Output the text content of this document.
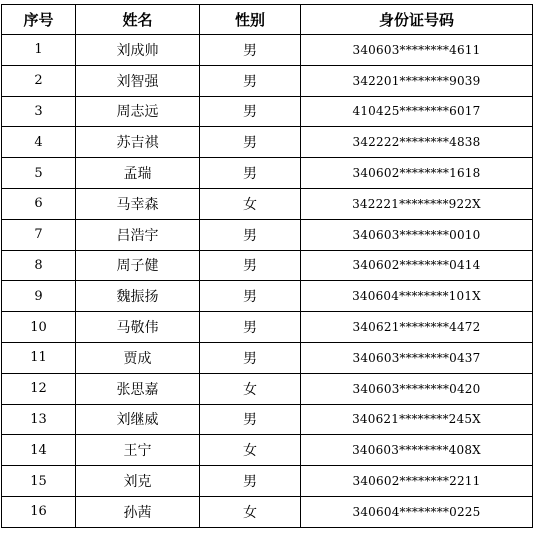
序号	姓名	性别	身份证号码
1	刘成帅	男	340603********4611
2	刘智强	男	342201********9039
3	周志远	男	410425********6017
4	苏吉祺	男	342222********4838
5	孟瑞	男	340602********1618
6	马幸森	女	342221********922X
7	吕浩宇	男	340603********0010
8	周子健	男	340602********0414
9	魏振扬	男	340604********101X
10	马敬伟	男	340621********4472
11	贾成	男	340603********0437
12	张思嘉	女	340603********0420
13	刘继威	男	340621********245X
14	王宁	女	340603********408X
15	刘克	男	340602********2211
16	孙茜	女	340604********0225
